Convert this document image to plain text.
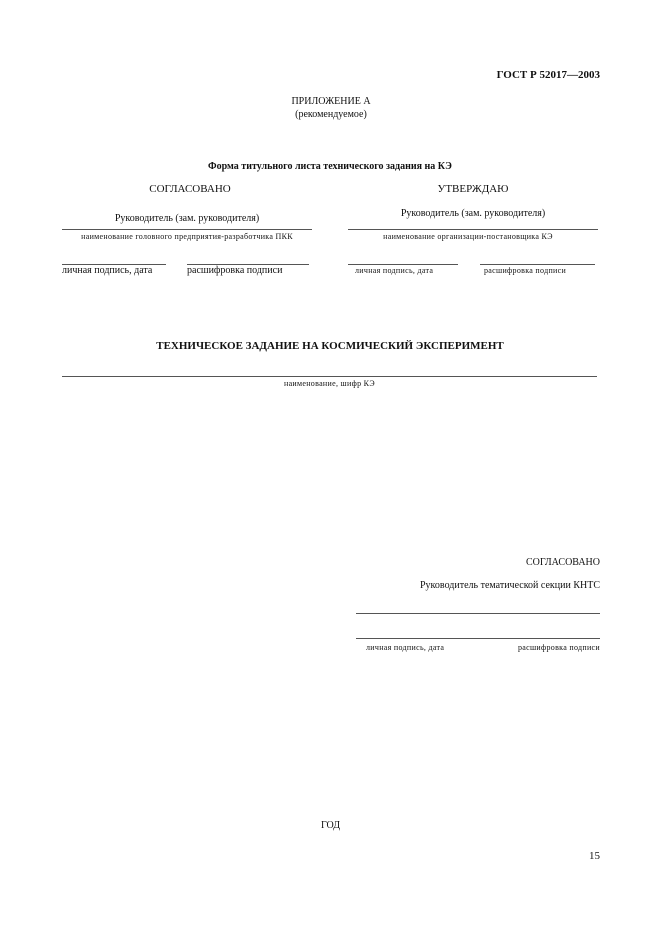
ГОСТ Р 52017—2003
ПРИЛОЖЕНИЕ А
(рекомендуемое)
Форма титульного листа технического задания на КЭ
СОГЛАСОВАНО
Руководитель (зам. руководителя)
наименование головного предприятия-разработчика ПКК
личная подпись, дата	расшифровка подписи
УТВЕРЖДАЮ
Руководитель (зам. руководителя)
наименование организации-постановщика КЭ
личная подпись, дата	расшифровка подписи
ТЕХНИЧЕСКОЕ ЗАДАНИЕ НА КОСМИЧЕСКИЙ ЭКСПЕРИМЕНТ
наименование, шифр КЭ
СОГЛАСОВАНО
Руководитель тематической секции КНТС
личная подпись, дата	расшифровка подписи
ГОД
15
